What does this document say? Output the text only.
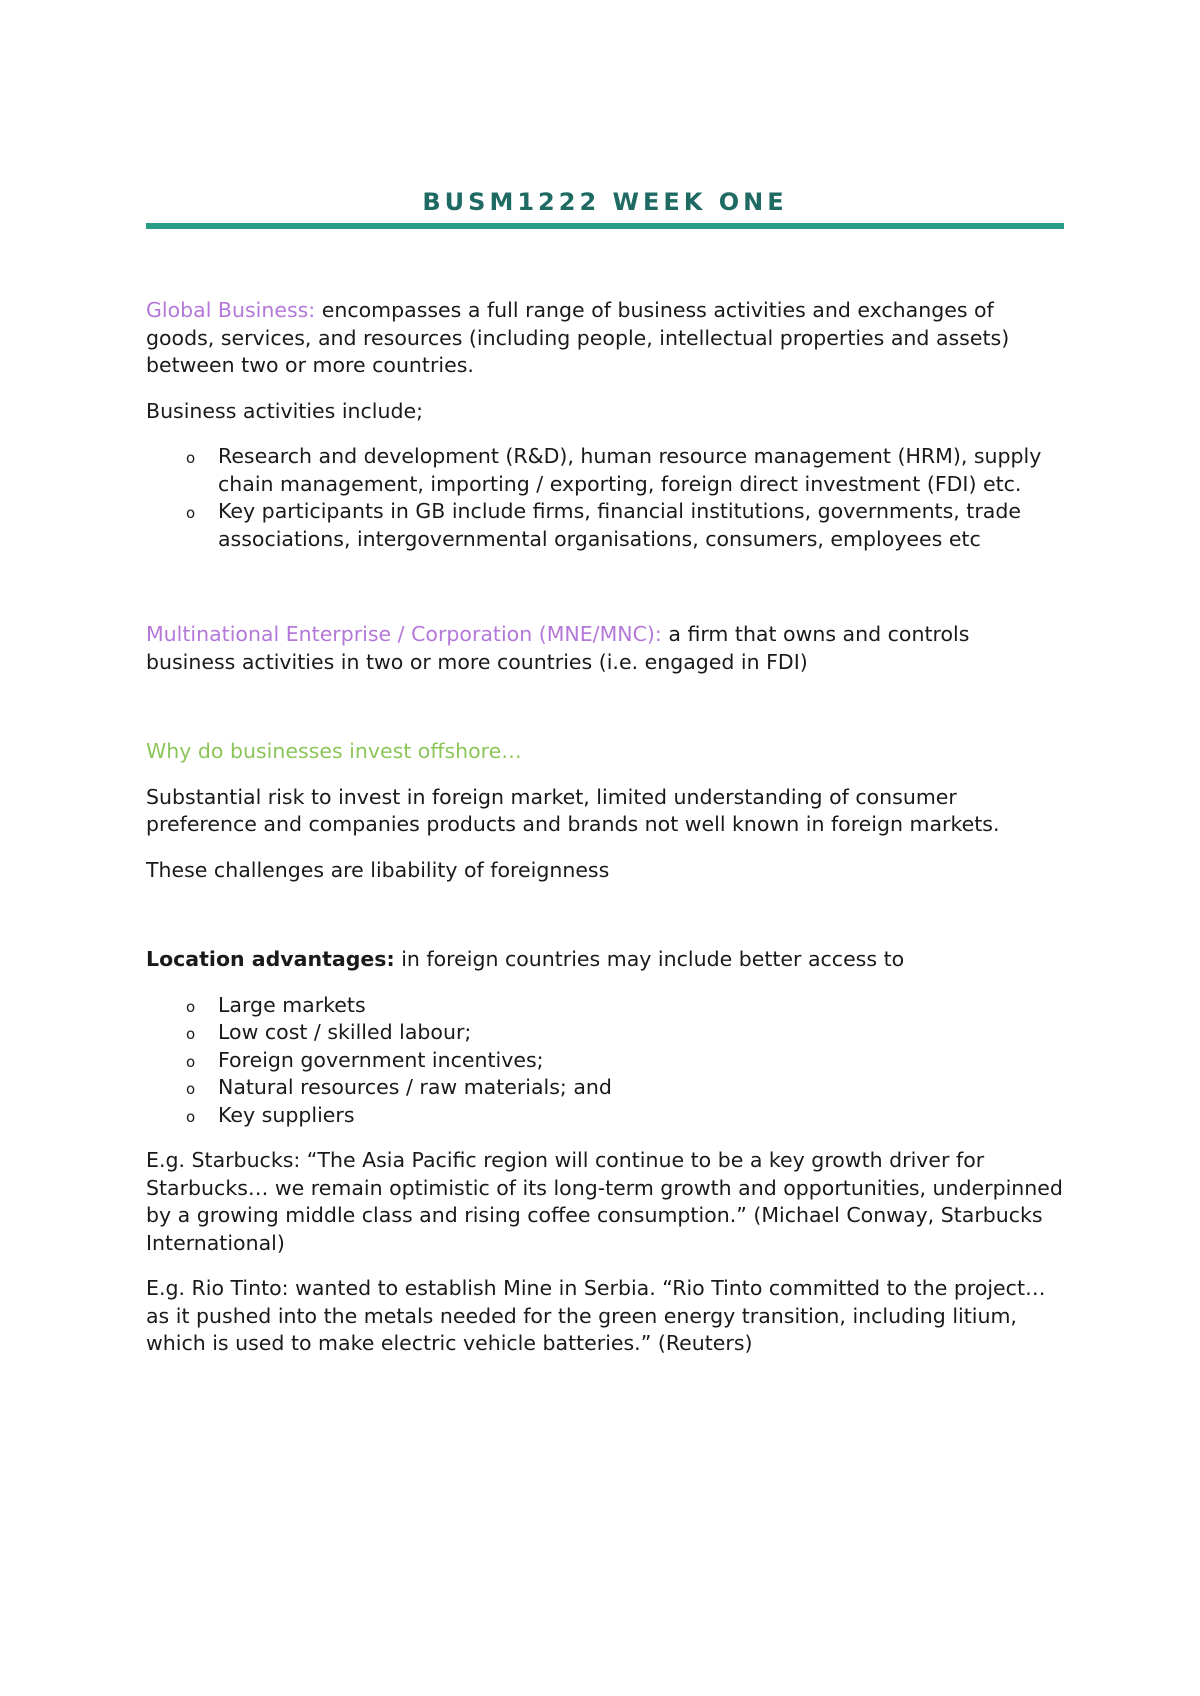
BUSM1222 WEEK ONE

Global Business: encompasses a full range of business activities and exchanges of goods, services, and resources (including people, intellectual properties and assets) between two or more countries.

Business activities include;

o Research and development (R&D), human resource management (HRM), supply chain management, importing / exporting, foreign direct investment (FDI) etc.
o Key participants in GB include firms, financial institutions, governments, trade associations, intergovernmental organisations, consumers, employees etc

Multinational Enterprise / Corporation (MNE/MNC): a firm that owns and controls business activities in two or more countries (i.e. engaged in FDI)

Why do businesses invest offshore…

Substantial risk to invest in foreign market, limited understanding of consumer preference and companies products and brands not well known in foreign markets.

These challenges are libability of foreignness

Location advantages: in foreign countries may include better access to

o Large markets
o Low cost / skilled labour;
o Foreign government incentives;
o Natural resources / raw materials; and
o Key suppliers

E.g. Starbucks: “The Asia Pacific region will continue to be a key growth driver for Starbucks… we remain optimistic of its long-term growth and opportunities, underpinned by a growing middle class and rising coffee consumption.” (Michael Conway, Starbucks International)

E.g. Rio Tinto: wanted to establish Mine in Serbia. “Rio Tinto committed to the project… as it pushed into the metals needed for the green energy transition, including litium, which is used to make electric vehicle batteries.” (Reuters)
